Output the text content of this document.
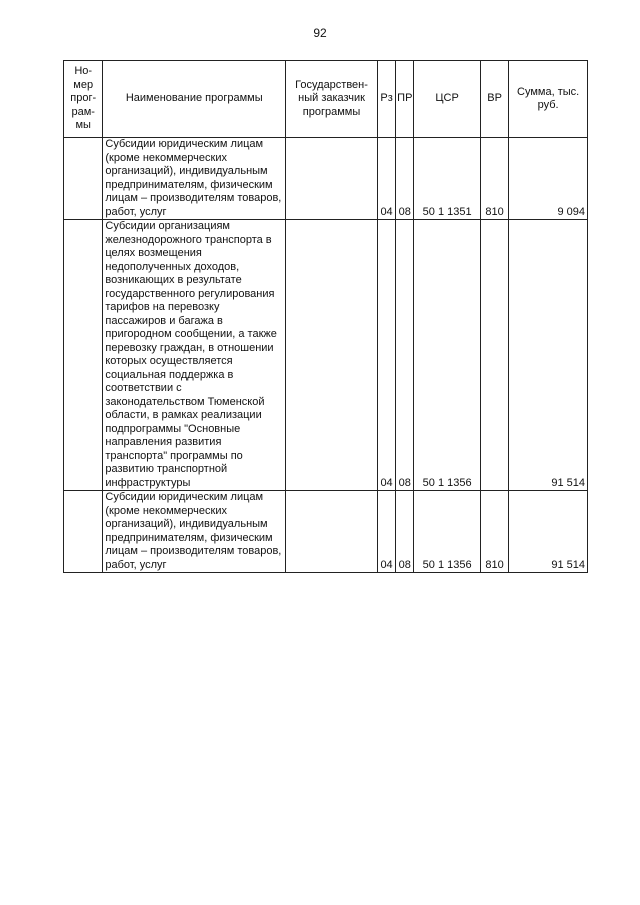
92
Но-мер прог-рам-мы	Наименование программы	Государствен-ный заказчик программы	Рз	ПР	ЦСР	ВР	Сумма, тыс. руб.
	Субсидии юридическим лицам (кроме некоммерческих организаций), индивидуальным предпринимателям, физическим лицам – производителям товаров, работ, услуг		04	08	50 1 1351	810	9 094
	Субсидии организациям железнодорожного транспорта в целях возмещения недополученных доходов, возникающих в результате государственного регулирования тарифов на перевозку пассажиров и багажа в пригородном сообщении, а также перевозку граждан, в отношении которых осуществляется социальная поддержка в соответствии с законодательством Тюменской области, в рамках реализации подпрограммы "Основные направления развития транспорта" программы по развитию транспортной инфраструктуры		04	08	50 1 1356		91 514
	Субсидии юридическим лицам (кроме некоммерческих организаций), индивидуальным предпринимателям, физическим лицам – производителям товаров, работ, услуг		04	08	50 1 1356	810	91 514
